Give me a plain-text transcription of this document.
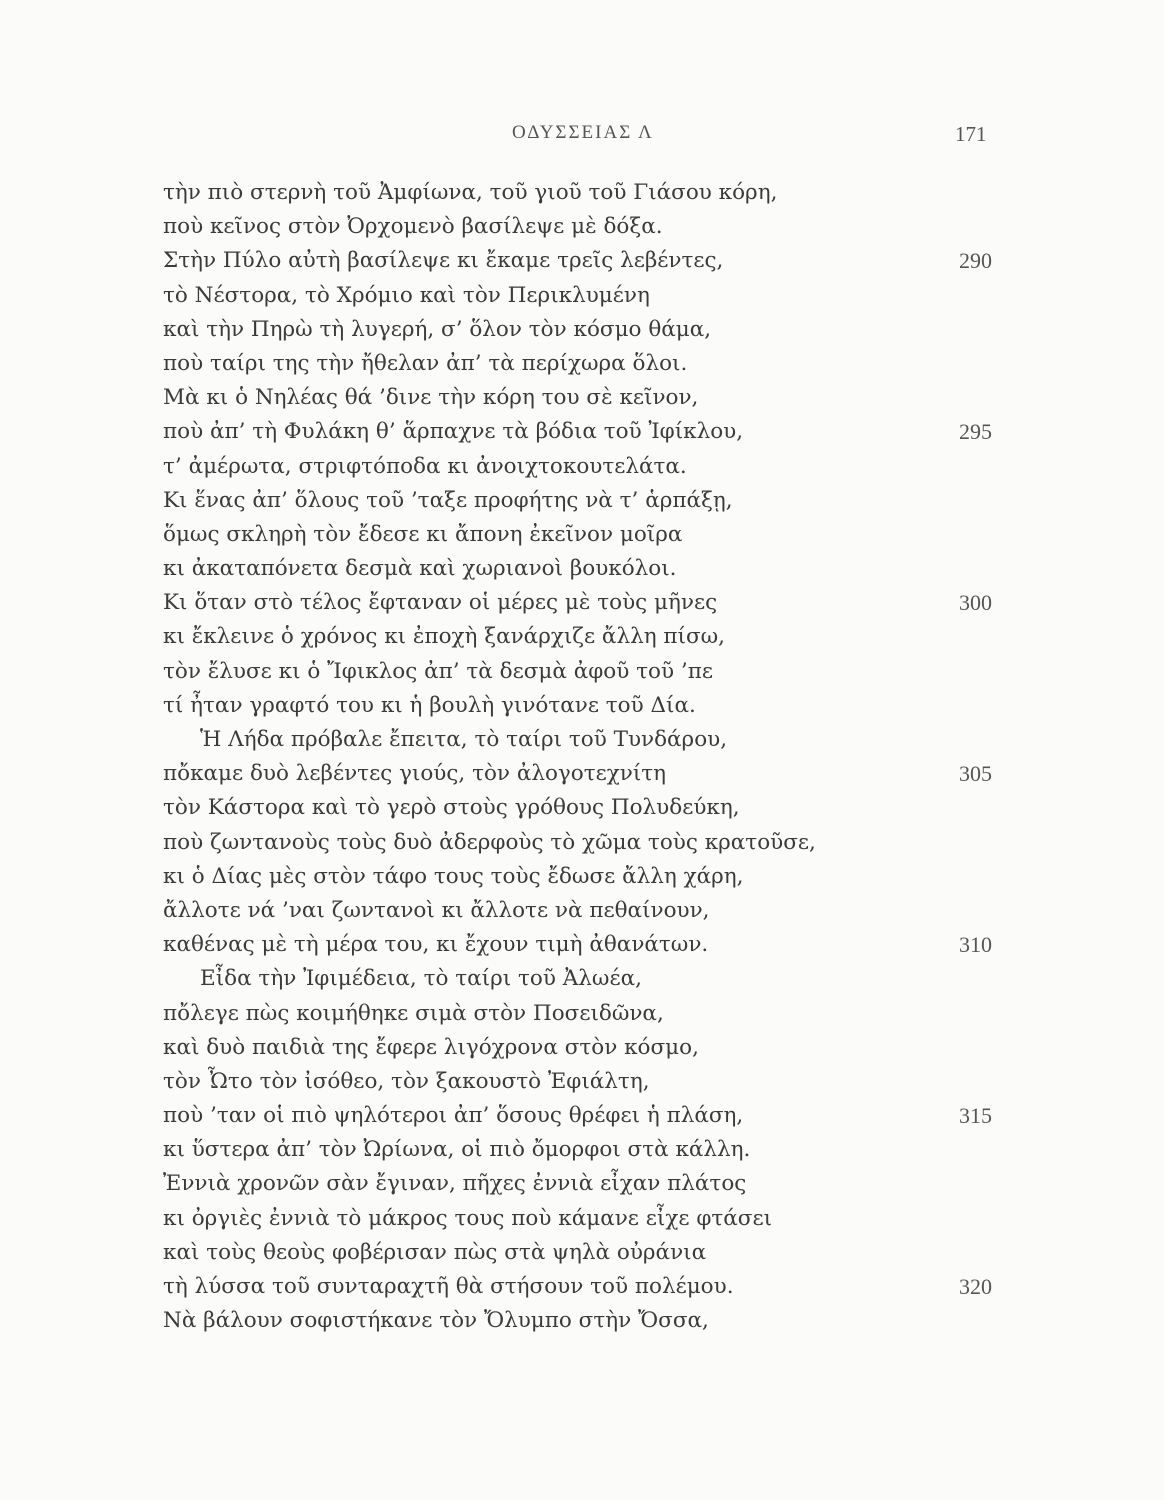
ΟΔΥΣΣΕΙΑΣ Λ	171
τὴν πιὸ στερνὴ τοῦ Ἀμφίωνα, τοῦ γιοῦ τοῦ Γιάσου κόρη,
ποὺ κεῖνος στὸν Ὀρχομενὸ βασίλεψε μὲ δόξα.
Στὴν Πύλο αὐτὴ βασίλεψε κι ἔκαμε τρεῖς λεβέντες,	290
τὸ Νέστορα, τὸ Χρόμιο καὶ τὸν Περικλυμένη
καὶ τὴν Πηρὼ τὴ λυγερή, σ’ ὅλον τὸν κόσμο θάμα,
ποὺ ταίρι της τὴν ἤθελαν ἀπ’ τὰ περίχωρα ὅλοι.
Μὰ κι ὁ Νηλέας θά ’δινε τὴν κόρη του σὲ κεῖνον,
ποὺ ἀπ’ τὴ Φυλάκη θ’ ἅρπαχνε τὰ βόδια τοῦ Ἰφίκλου,	295
τ’ ἀμέρωτα, στριφτόποδα κι ἀνοιχτοκουτελάτα.
Κι ἕνας ἀπ’ ὅλους τοῦ ’ταξε προφήτης νὰ τ’ ἁρπάξῃ,
ὅμως σκληρὴ τὸν ἔδεσε κι ἄπονη ἐκεῖνον μοῖρα
κι ἀκαταπόνετα δεσμὰ καὶ χωριανοὶ βουκόλοι.
Κι ὅταν στὸ τέλος ἔφταναν οἱ μέρες μὲ τοὺς μῆνες	300
κι ἔκλεινε ὁ χρόνος κι ἐποχὴ ξανάρχιζε ἄλλη πίσω,
τὸν ἔλυσε κι ὁ Ἴφικλος ἀπ’ τὰ δεσμὰ ἀφοῦ τοῦ ’πε
τί ἦταν γραφτό του κι ἡ βουλὴ γινότανε τοῦ Δία.
Ἡ Λήδα πρόβαλε ἔπειτα, τὸ ταίρι τοῦ Τυνδάρου,
πὄκαμε δυὸ λεβέντες γιούς, τὸν ἀλογοτεχνίτη	305
τὸν Κάστορα καὶ τὸ γερὸ στοὺς γρόθους Πολυδεύκη,
ποὺ ζωντανοὺς τοὺς δυὸ ἀδερφοὺς τὸ χῶμα τοὺς κρατοῦσε,
κι ὁ Δίας μὲς στὸν τάφο τους τοὺς ἔδωσε ἄλλη χάρη,
ἄλλοτε νά ’ναι ζωντανοὶ κι ἄλλοτε νὰ πεθαίνουν,
καθένας μὲ τὴ μέρα του, κι ἔχουν τιμὴ ἀθανάτων.	310
Εἶδα τὴν Ἰφιμέδεια, τὸ ταίρι τοῦ Ἀλωέα,
πὄλεγε πὼς κοιμήθηκε σιμὰ στὸν Ποσειδῶνα,
καὶ δυὸ παιδιὰ της ἔφερε λιγόχρονα στὸν κόσμο,
τὸν Ὦτο τὸν ἰσόθεο, τὸν ξακουστὸ Ἐφιάλτη,
ποὺ ’ταν οἱ πιὸ ψηλότεροι ἀπ’ ὅσους θρέφει ἡ πλάση,	315
κι ὕστερα ἀπ’ τὸν Ὠρίωνα, οἱ πιὸ ὄμορφοι στὰ κάλλη.
Ἐννιὰ χρονῶν σὰν ἔγιναν, πῆχες ἐννιὰ εἶχαν πλάτος
κι ὀργιὲς ἐννιὰ τὸ μάκρος τους ποὺ κάμανε εἶχε φτάσει
καὶ τοὺς θεοὺς φοβέρισαν πὼς στὰ ψηλὰ οὐράνια
τὴ λύσσα τοῦ συνταραχτῆ θὰ στήσουν τοῦ πολέμου.	320
Νὰ βάλουν σοφιστήκανε τὸν Ὄλυμπο στὴν Ὄσσα,
